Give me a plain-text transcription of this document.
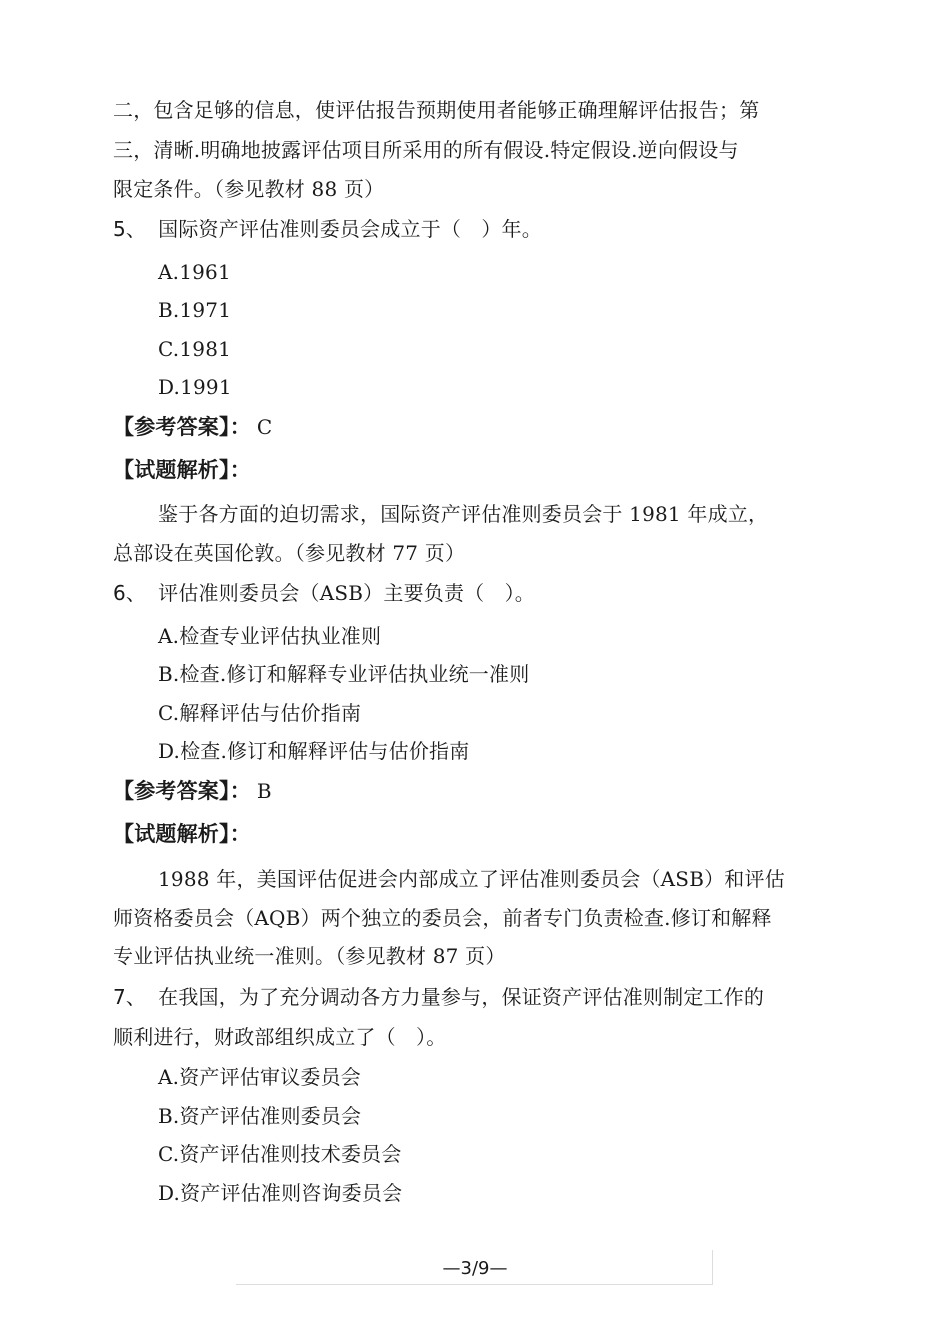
二，包含足够的信息，使评估报告预期使用者能够正确理解评估报告；第
三，清晰.明确地披露评估项目所采用的所有假设.特定假设.逆向假设与
限定条件。（参见教材 88 页）
5、 国际资产评估准则委员会成立于（　）年。
A.1961
B.1971
C.1981
D.1991
【参考答案】： C
【试题解析】：
鉴于各方面的迫切需求，国际资产评估准则委员会于 1981 年成立，
总部设在英国伦敦。（参见教材 77 页）
6、 评估准则委员会（ASB）主要负责（　）。
A.检查专业评估执业准则
B.检查.修订和解释专业评估执业统一准则
C.解释评估与估价指南
D.检查.修订和解释评估与估价指南
【参考答案】： B
【试题解析】：
1988 年，美国评估促进会内部成立了评估准则委员会（ASB）和评估
师资格委员会（AQB）两个独立的委员会，前者专门负责检查.修订和解释
专业评估执业统一准则。（参见教材 87 页）
7、 在我国，为了充分调动各方力量参与，保证资产评估准则制定工作的
顺利进行，财政部组织成立了（　）。
A.资产评估审议委员会
B.资产评估准则委员会
C.资产评估准则技术委员会
D.资产评估准则咨询委员会
—3/9—
